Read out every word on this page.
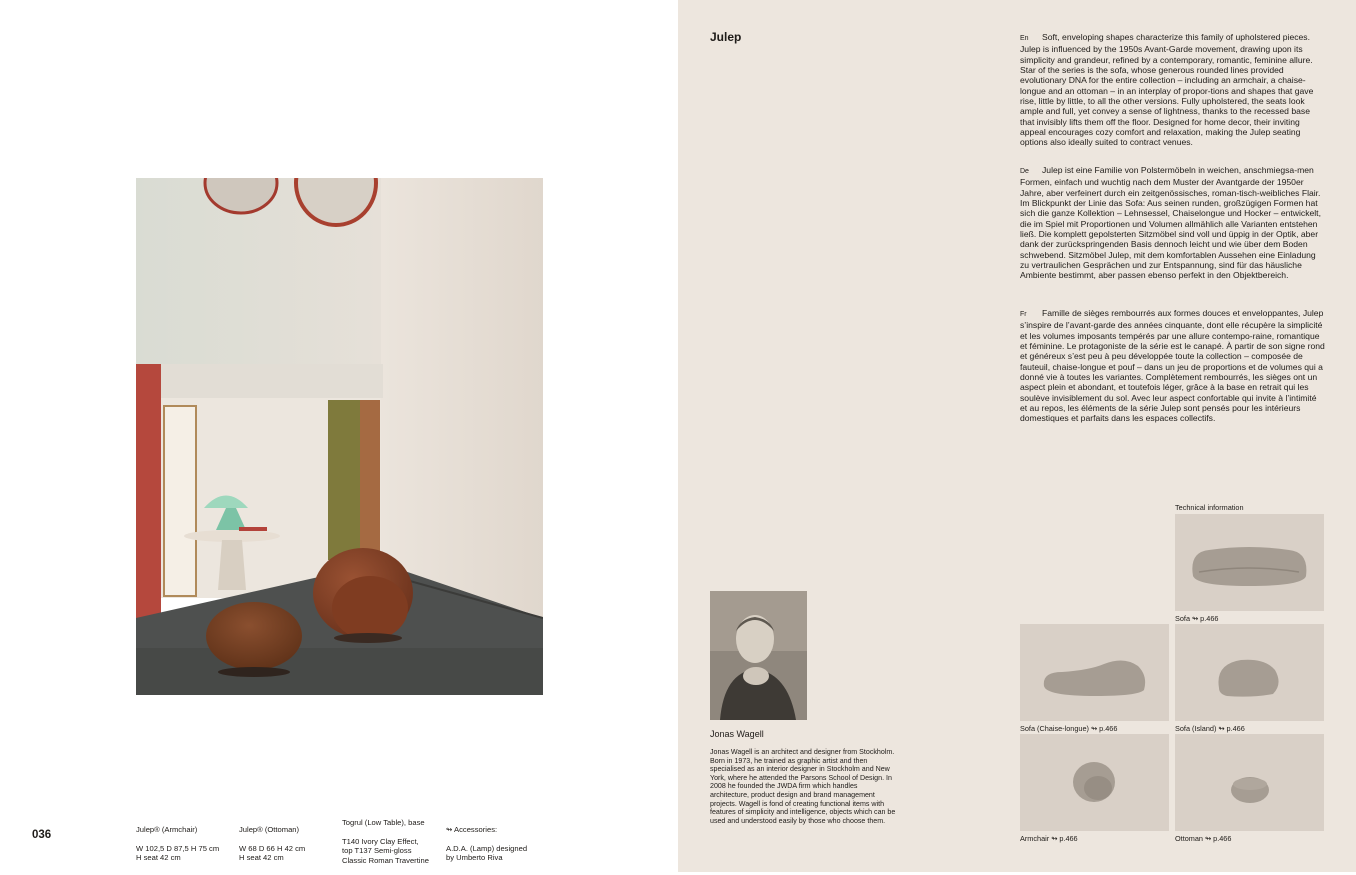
Julep® (Armchair)

W 102,5 D 87,5 H 75 cm
H seat 42 cm

Julep® (Ottoman)

W 68 D 66 H 42 cm
H seat 42 cm

Togrul (Low Table), base

T140 Ivory Clay Effect,
top T137 Semi-gloss
Classic Roman Travertine

↬ Accessories:

A.D.A. (Lamp) designed
by Umberto Riva

036
Julep	En Soft, enveloping shapes characterize this family of upholstered pieces. Julep is influenced by the 1950s Avant-Garde movement, drawing upon its simplicity and grandeur, refined by a contemporary, romantic, feminine allure. Star of the series is the sofa, whose generous rounded lines provided evolutionary DNA for the entire collection – including an armchair, a chaise-longue and an ottoman – in an interplay of propor-tions and shapes that gave rise, little by little, to all the other versions. Fully upholstered, the seats look ample and full, yet convey a sense of lightness, thanks to the recessed base that invisibly lifts them off the floor. Designed for home decor, their inviting appeal encourages cozy comfort and relaxation, making the Julep seating options also ideally suited to contract venues.
De Julep ist eine Familie von Polstermöbeln in weichen, anschmiegsa-men Formen, einfach und wuchtig nach dem Muster der Avantgarde der 1950er Jahre, aber verfeinert durch ein zeitgenössisches, roman-tisch-weibliches Flair. Im Blickpunkt der Linie das Sofa: Aus seinen runden, großzügigen Formen hat sich die ganze Kollektion – Lehnsessel, Chaiselongue und Hocker – entwickelt, die im Spiel mit Proportionen und Volumen allmählich alle Varianten entstehen ließ. Die komplett gepolsterten Sitzmöbel sind voll und üppig in der Optik, aber dank der zurückspringenden Basis dennoch leicht und wie über dem Boden schwebend. Sitzmöbel Julep, mit dem komfortablen Aussehen eine Einladung zu vertraulichen Gesprächen und zur Entspannung, sind für das häusliche Ambiente bestimmt, aber passen ebenso perfekt in den Objektbereich.
Fr Famille de sièges rembourrés aux formes douces et enveloppantes, Julep s’inspire de l’avant-garde des années cinquante, dont elle récupère la simplicité et les volumes imposants tempérés par une allure contempo-raine, romantique et féminine. Le protagoniste de la série est le canapé. À partir de son signe rond et généreux s’est peu à peu développée toute la collection – composée de fauteuil, chaise-longue et pouf – dans un jeu de proportions et de volumes qui a donné vie à toutes les variantes. Complètement rembourrés, les sièges ont un aspect plein et abondant, et toutefois léger, grâce à la base en retrait qui les soulève invisiblement du sol. Avec leur aspect confortable qui invite à l’intimité et au repos, les éléments de la série Julep sont pensés pour les intérieurs domestiques et parfaits dans les espaces collectifs.
Jonas Wagell
Jonas Wagell is an architect and designer from Stockholm. Born in 1973, he trained as graphic artist and then specialised as an interior designer in Stockholm and New York, where he attended the Parsons School of Design. In 2008 he founded the JWDA firm which handles architecture, product design and brand management projects. Wagell is fond of creating functional items with features of simplicity and intelligence, objects which can be used and understood easily by those who choose them.
Technical information
Sofa ↬ p.466
Sofa (Chaise-longue) ↬ p.466	Sofa (Island) ↬ p.466
Armchair ↬ p.466	Ottoman ↬ p.466
